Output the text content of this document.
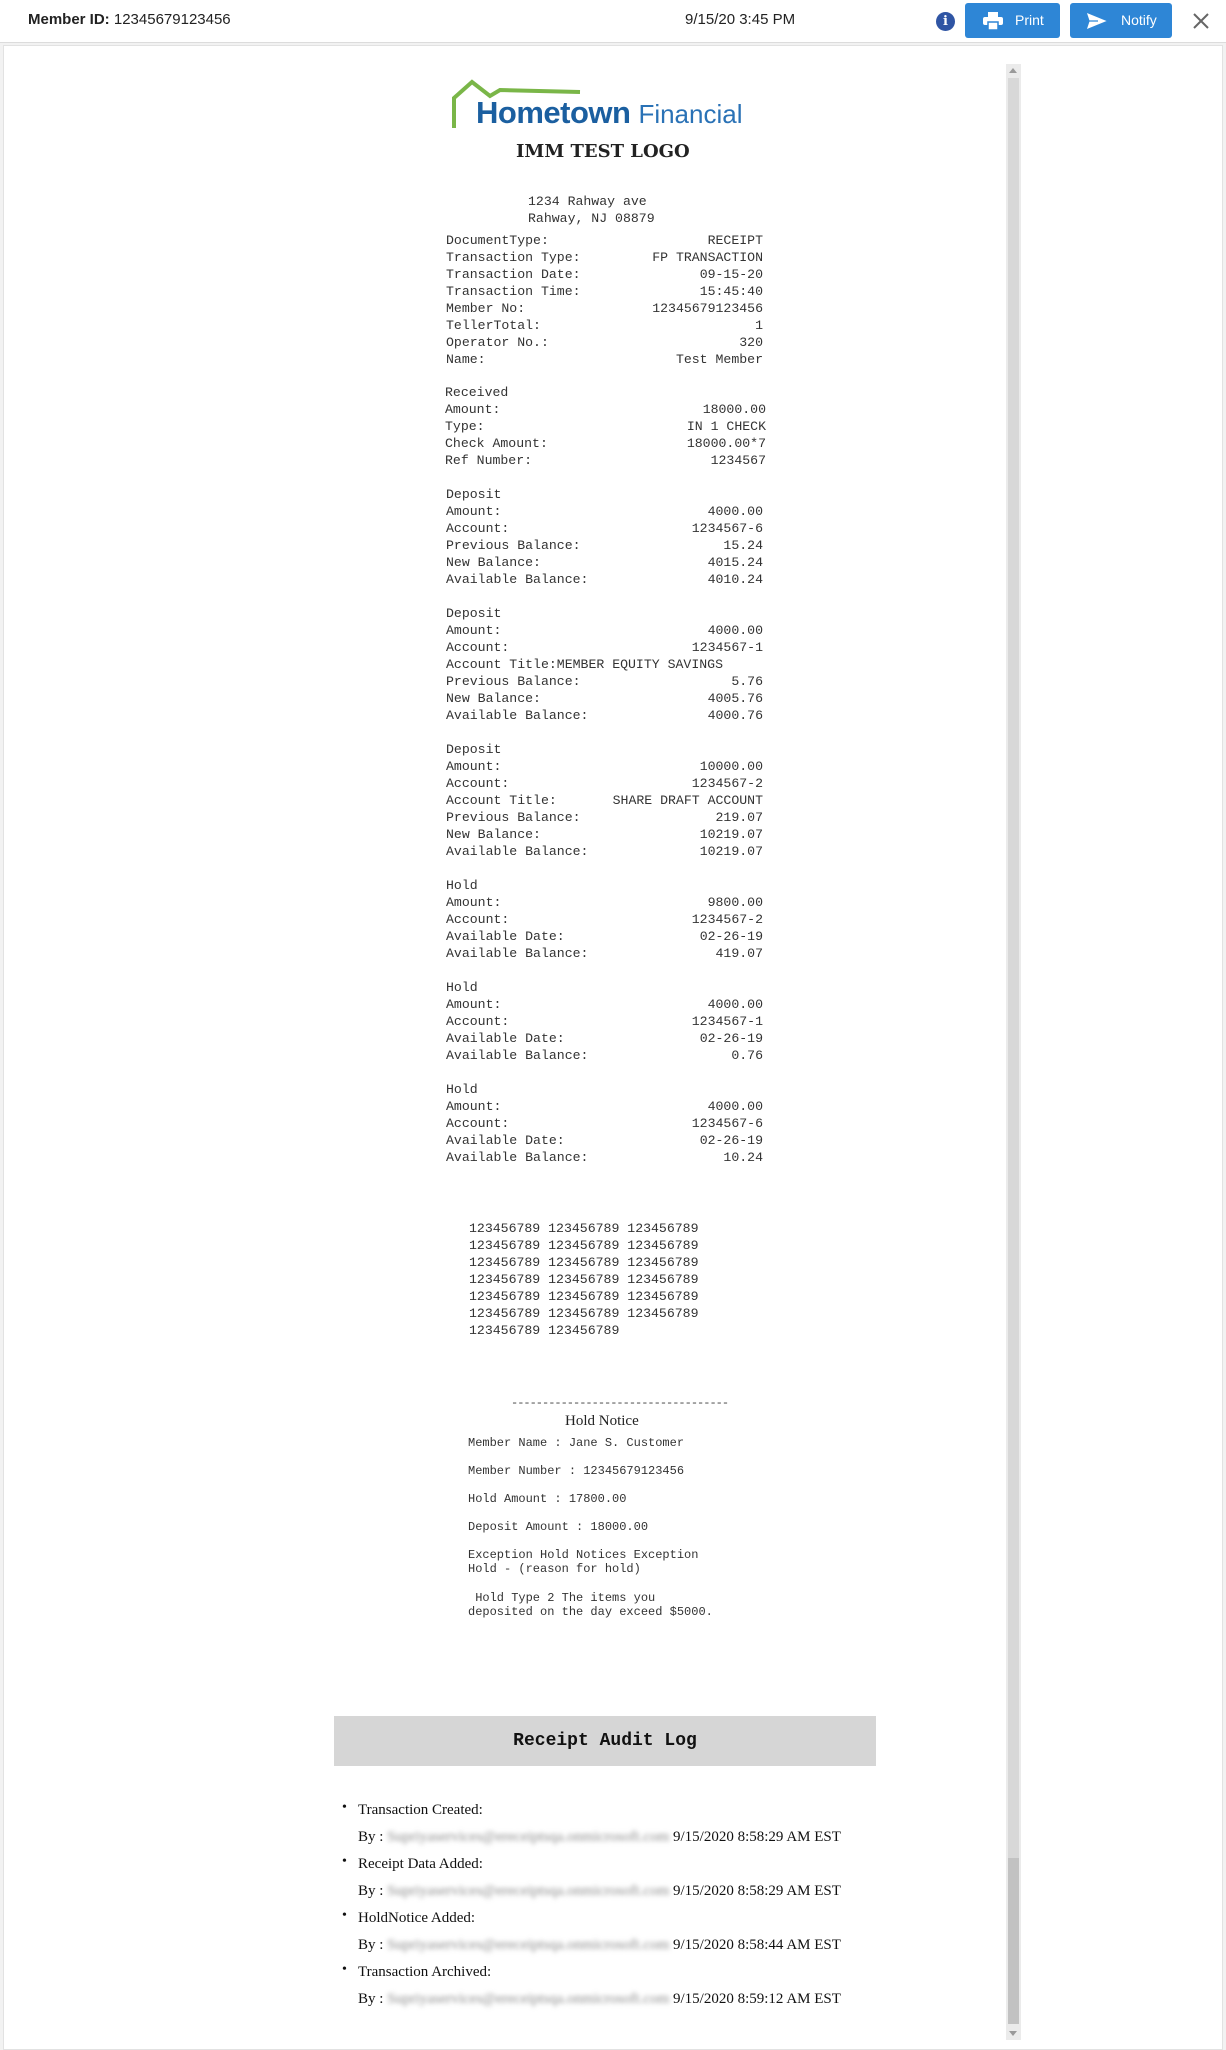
Member ID: 12345679123456	9/15/20 3:45 PM	i	Print	Notify
Hometown Financial
IMM TEST LOGO
1234 Rahway ave
Rahway, NJ 08879
DocumentType:	RECEIPT
Transaction Type:	FP TRANSACTION
Transaction Date:	09-15-20
Transaction Time:	15:45:40
Member No:	12345679123456
TellerTotal:	1
Operator No.:	320
Name:	Test Member
Received
Amount:	18000.00
Type:	IN 1 CHECK
Check Amount:	18000.00*7
Ref Number:	1234567
Deposit
Amount:	4000.00
Account:	1234567-6
Previous Balance:	15.24
New Balance:	4015.24
Available Balance:	4010.24
Deposit
Amount:	4000.00
Account:	1234567-1
Account Title:MEMBER EQUITY SAVINGS
Previous Balance:	5.76
New Balance:	4005.76
Available Balance:	4000.76
Deposit
Amount:	10000.00
Account:	1234567-2
Account Title:	SHARE DRAFT ACCOUNT
Previous Balance:	219.07
New Balance:	10219.07
Available Balance:	10219.07
Hold
Amount:	9800.00
Account:	1234567-2
Available Date:	02-26-19
Available Balance:	419.07
Hold
Amount:	4000.00
Account:	1234567-1
Available Date:	02-26-19
Available Balance:	0.76
Hold
Amount:	4000.00
Account:	1234567-6
Available Date:	02-26-19
Available Balance:	10.24
123456789 123456789 123456789
123456789 123456789 123456789
123456789 123456789 123456789
123456789 123456789 123456789
123456789 123456789 123456789
123456789 123456789 123456789
123456789 123456789
-----------------------------------
Hold Notice
Member Name : Jane S. Customer
Member Number : 12345679123456
Hold Amount : 17800.00
Deposit Amount : 18000.00
Exception Hold Notices Exception
Hold - (reason for hold)
Hold Type 2 The items you
deposited on the day exceed $5000.
Receipt Audit Log
• Transaction Created:
By : Supriyaservices@ereceiptsqa.onmicrosoft.com 9/15/2020 8:58:29 AM EST
• Receipt Data Added:
By : Supriyaservices@ereceiptsqa.onmicrosoft.com 9/15/2020 8:58:29 AM EST
• HoldNotice Added:
By : Supriyaservices@ereceiptsqa.onmicrosoft.com 9/15/2020 8:58:44 AM EST
• Transaction Archived:
By : Supriyaservices@ereceiptsqa.onmicrosoft.com 9/15/2020 8:59:12 AM EST
